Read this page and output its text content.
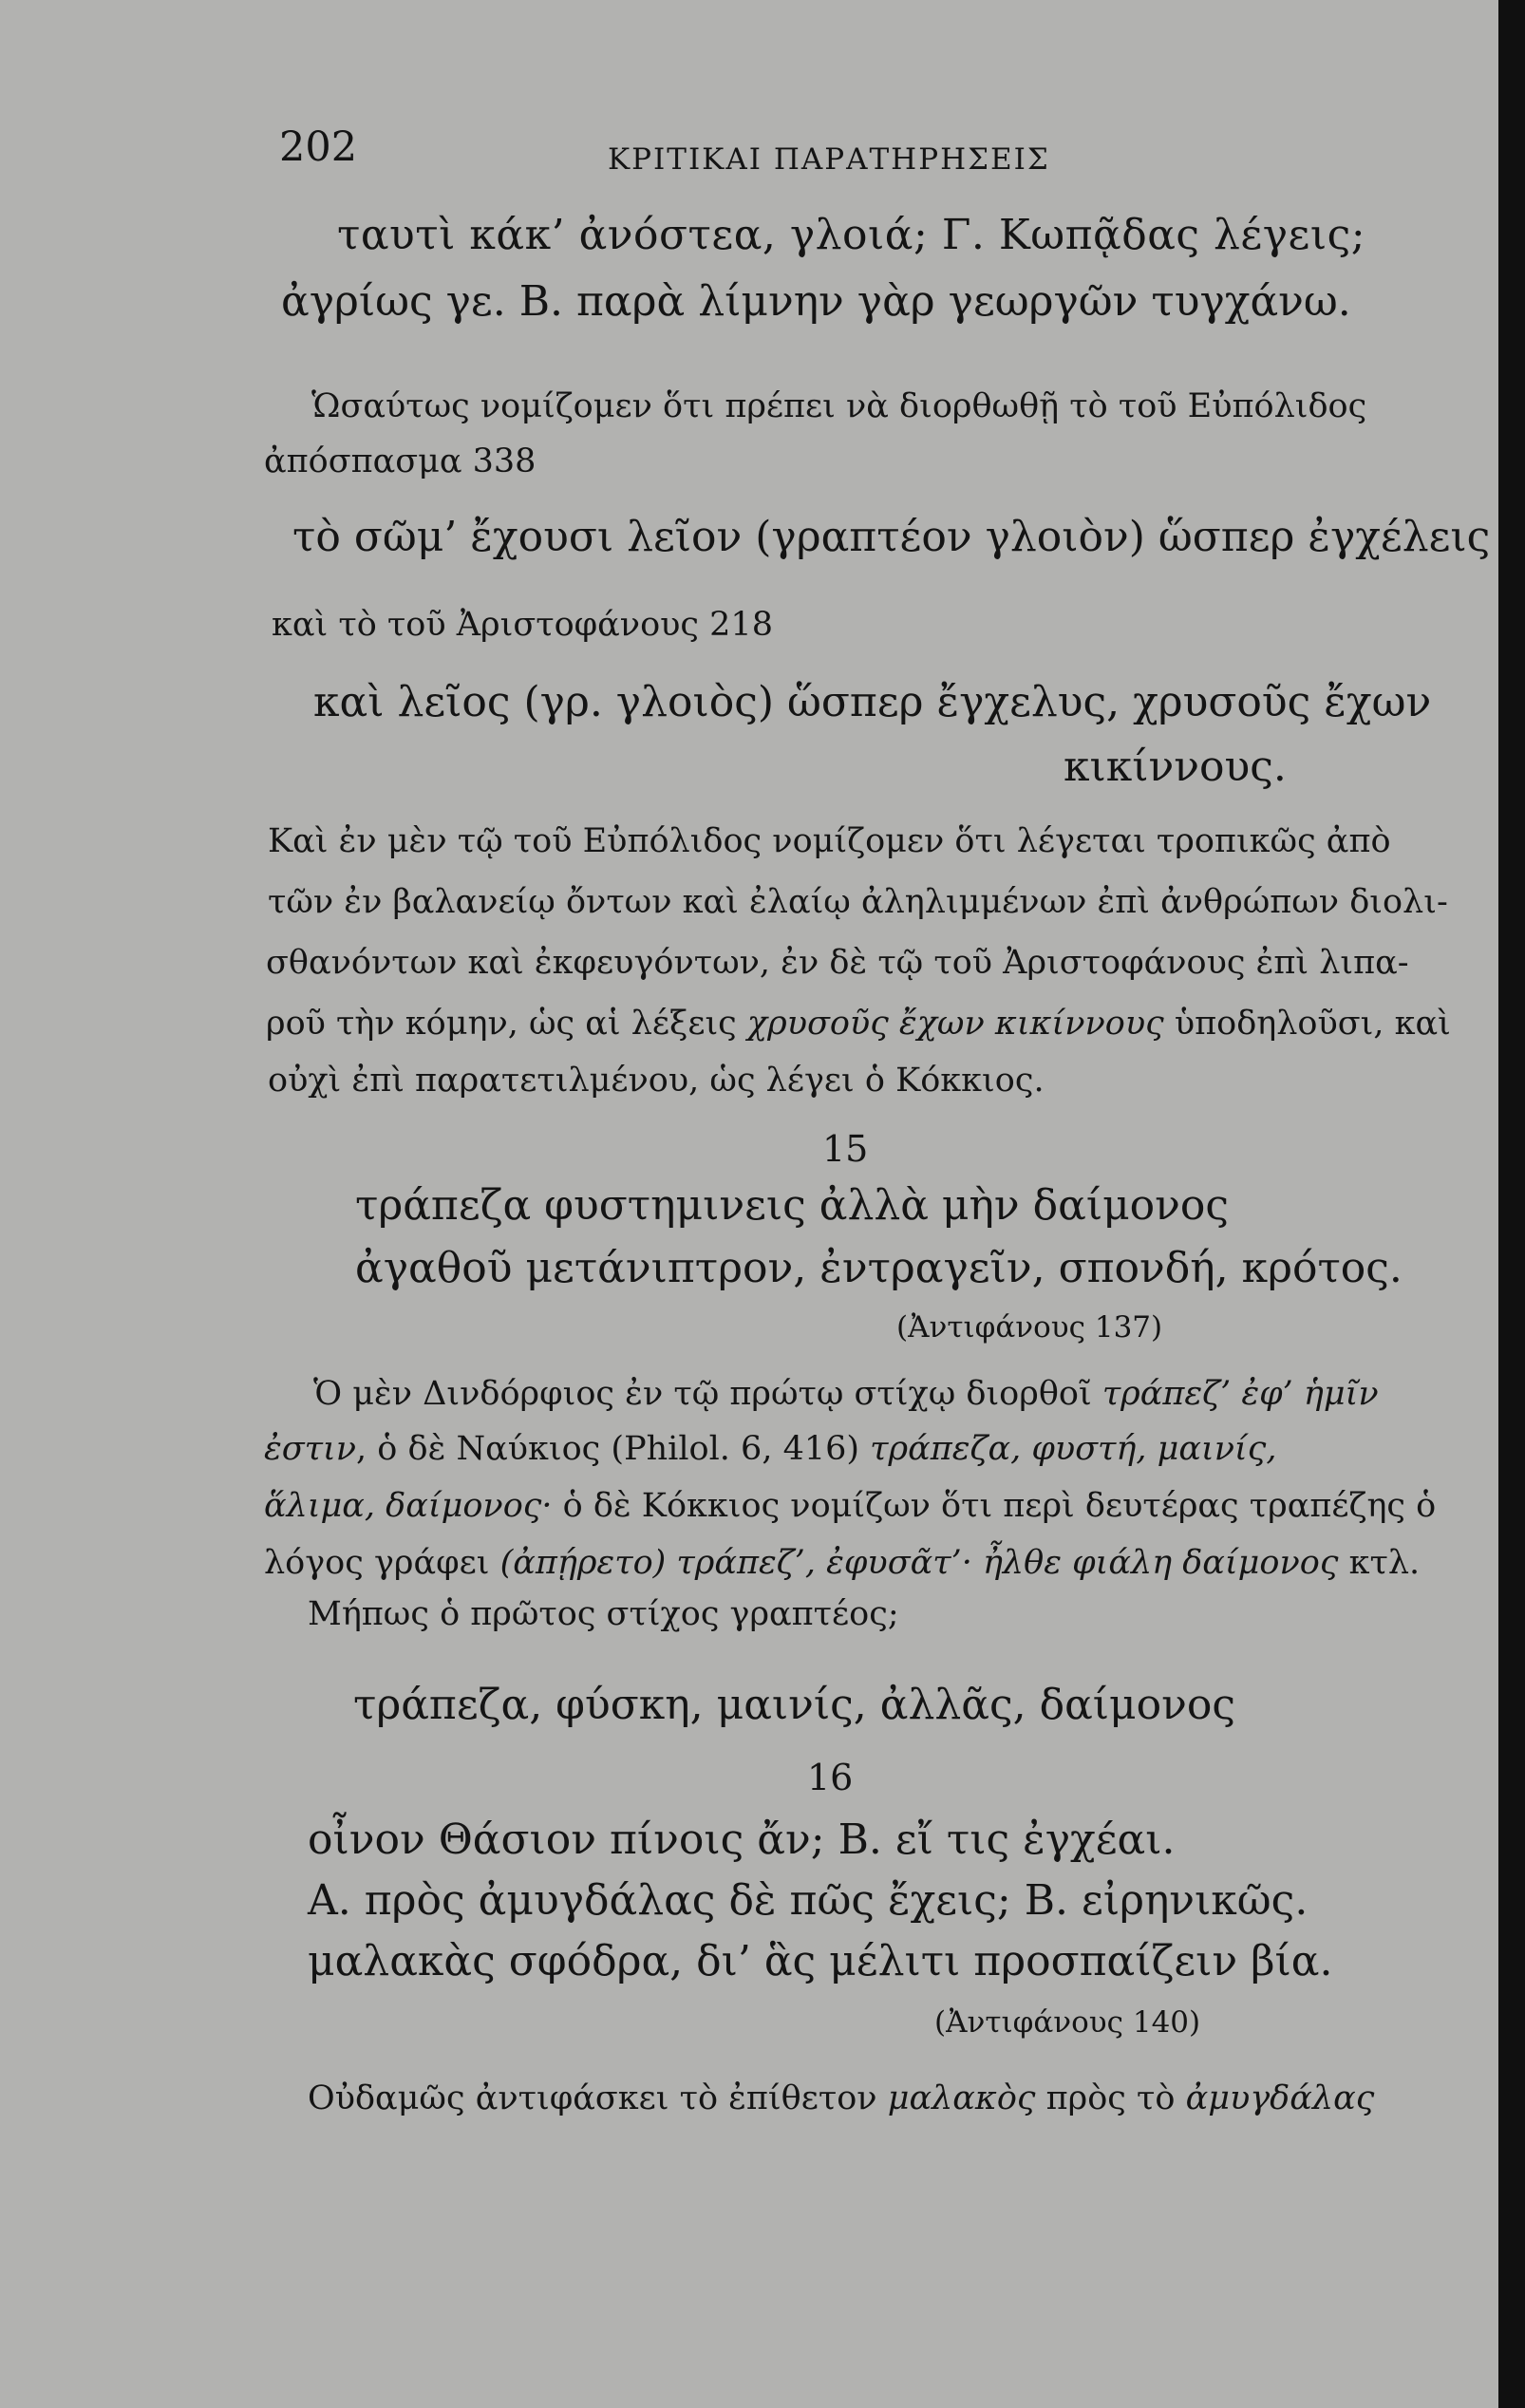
202	ΚΡΙΤΙΚΑΙ ΠΑΡΑΤΗΡΗΣΕΙΣ
ταυτὶ κάκ’ ἀνόστεα, γλοιά; Γ. Κωπᾷδας λέγεις;
ἀγρίως γε. Β. παρὰ λίμνην γὰρ γεωργῶν τυγχάνω.
Ὡσαύτως νομίζομεν ὅτι πρέπει νὰ διορθωθῇ τὸ τοῦ Εὐπόλιδος
ἀπόσπασμα 338
τὸ σῶμ’ ἔχουσι λεῖον (γραπτέον γλοιὸν) ὥσπερ ἐγχέλεις
καὶ τὸ τοῦ Ἀριστοφάνους 218
καὶ λεῖος (γρ. γλοιὸς) ὥσπερ ἔγχελυς, χρυσοῦς ἔχων
κικίννους.
Καὶ ἐν μὲν τῷ τοῦ Εὐπόλιδος νομίζομεν ὅτι λέγεται τροπικῶς ἀπὸ
τῶν ἐν βαλανείῳ ὄντων καὶ ἐλαίῳ ἀληλιμμένων ἐπὶ ἀνθρώπων διολι-
σθανόντων καὶ ἐκφευγόντων, ἐν δὲ τῷ τοῦ Ἀριστοφάνους ἐπὶ λιπα-
ροῦ τὴν κόμην, ὡς αἱ λέξεις χρυσοῦς ἔχων κικίννους ὑποδηλοῦσι, καὶ
οὐχὶ ἐπὶ παρατετιλμένου, ὡς λέγει ὁ Κόκκιος.
15
τράπεζα φυστημινεις ἀλλὰ μὴν δαίμονος
ἀγαθοῦ μετάνιπτρον, ἐντραγεῖν, σπονδή, κρότος.
(Ἀντιφάνους 137)
Ὁ μὲν Δινδόρφιος ἐν τῷ πρώτῳ στίχῳ διορθοῖ τράπεζ’ ἐφ’ ἡμῖν
ἐστιν, ὁ δὲ Ναύκιος (Philol. 6, 416) τράπεζα, φυστή, μαινίς,
ἅλιμα, δαίμονος· ὁ δὲ Κόκκιος νομίζων ὅτι περὶ δευτέρας τραπέζης ὁ
λόγος γράφει (ἀπῄρετο) τράπεζ’, ἐφυσᾶτ’· ἦλθε φιάλη δαίμονος κτλ.
Μήπως ὁ πρῶτος στίχος γραπτέος;
τράπεζα, φύσκη, μαινίς, ἀλλᾶς, δαίμονος
16
οἶνον Θάσιον πίνοις ἄν; Β. εἴ τις ἐγχέαι.
Α. πρὸς ἀμυγδάλας δὲ πῶς ἔχεις; Β. εἰρηνικῶς.
μαλακὰς σφόδρα, δι’ ἃς μέλιτι προσπαίζειν βία.
(Ἀντιφάνους 140)
Οὐδαμῶς ἀντιφάσκει τὸ ἐπίθετον μαλακὸς πρὸς τὸ ἀμυγδάλας
